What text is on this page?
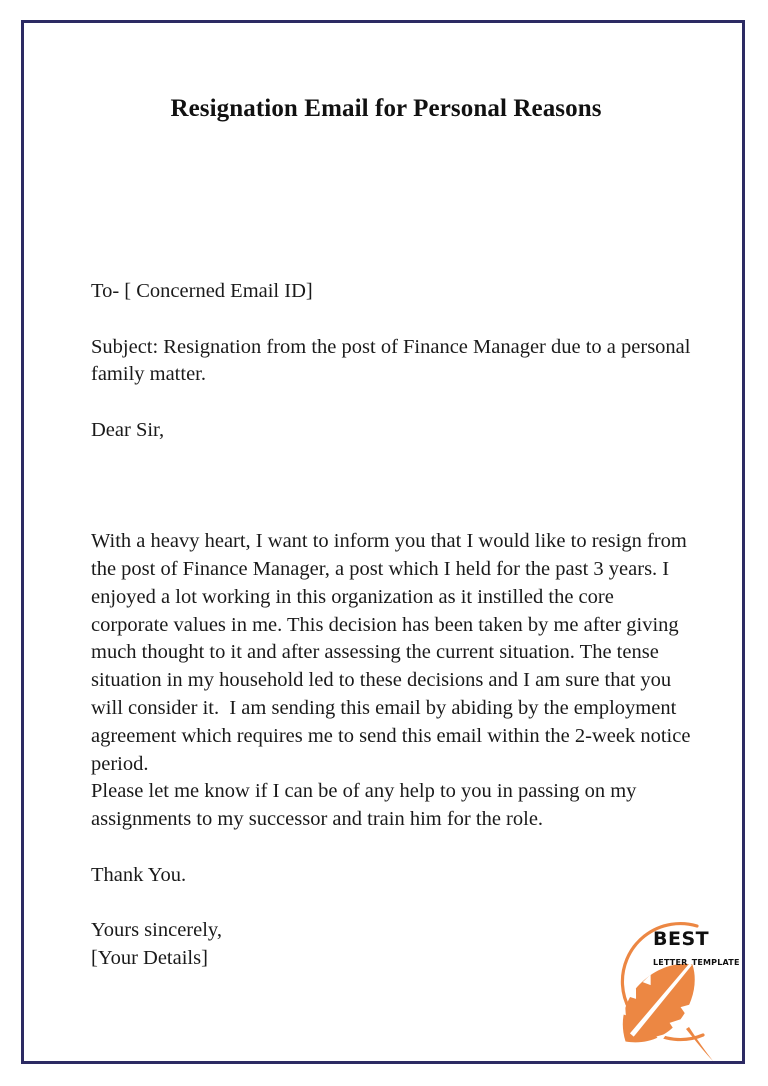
Resignation Email for Personal Reasons

To- [ Concerned Email ID]

Subject: Resignation from the post of Finance Manager due to a personal family matter.

Dear Sir,

With a heavy heart, I want to inform you that I would like to resign from the post of Finance Manager, a post which I held for the past 3 years. I enjoyed a lot working in this organization as it instilled the core corporate values in me. This decision has been taken by me after giving much thought to it and after assessing the current situation. The tense situation in my household led to these decisions and I am sure that you will consider it.  I am sending this email by abiding by the employment agreement which requires me to send this email within the 2-week notice period.

Please let me know if I can be of any help to you in passing on my assignments to my successor and train him for the role.

Thank You.

Yours sincerely,

[Your Details]

best
letter template
